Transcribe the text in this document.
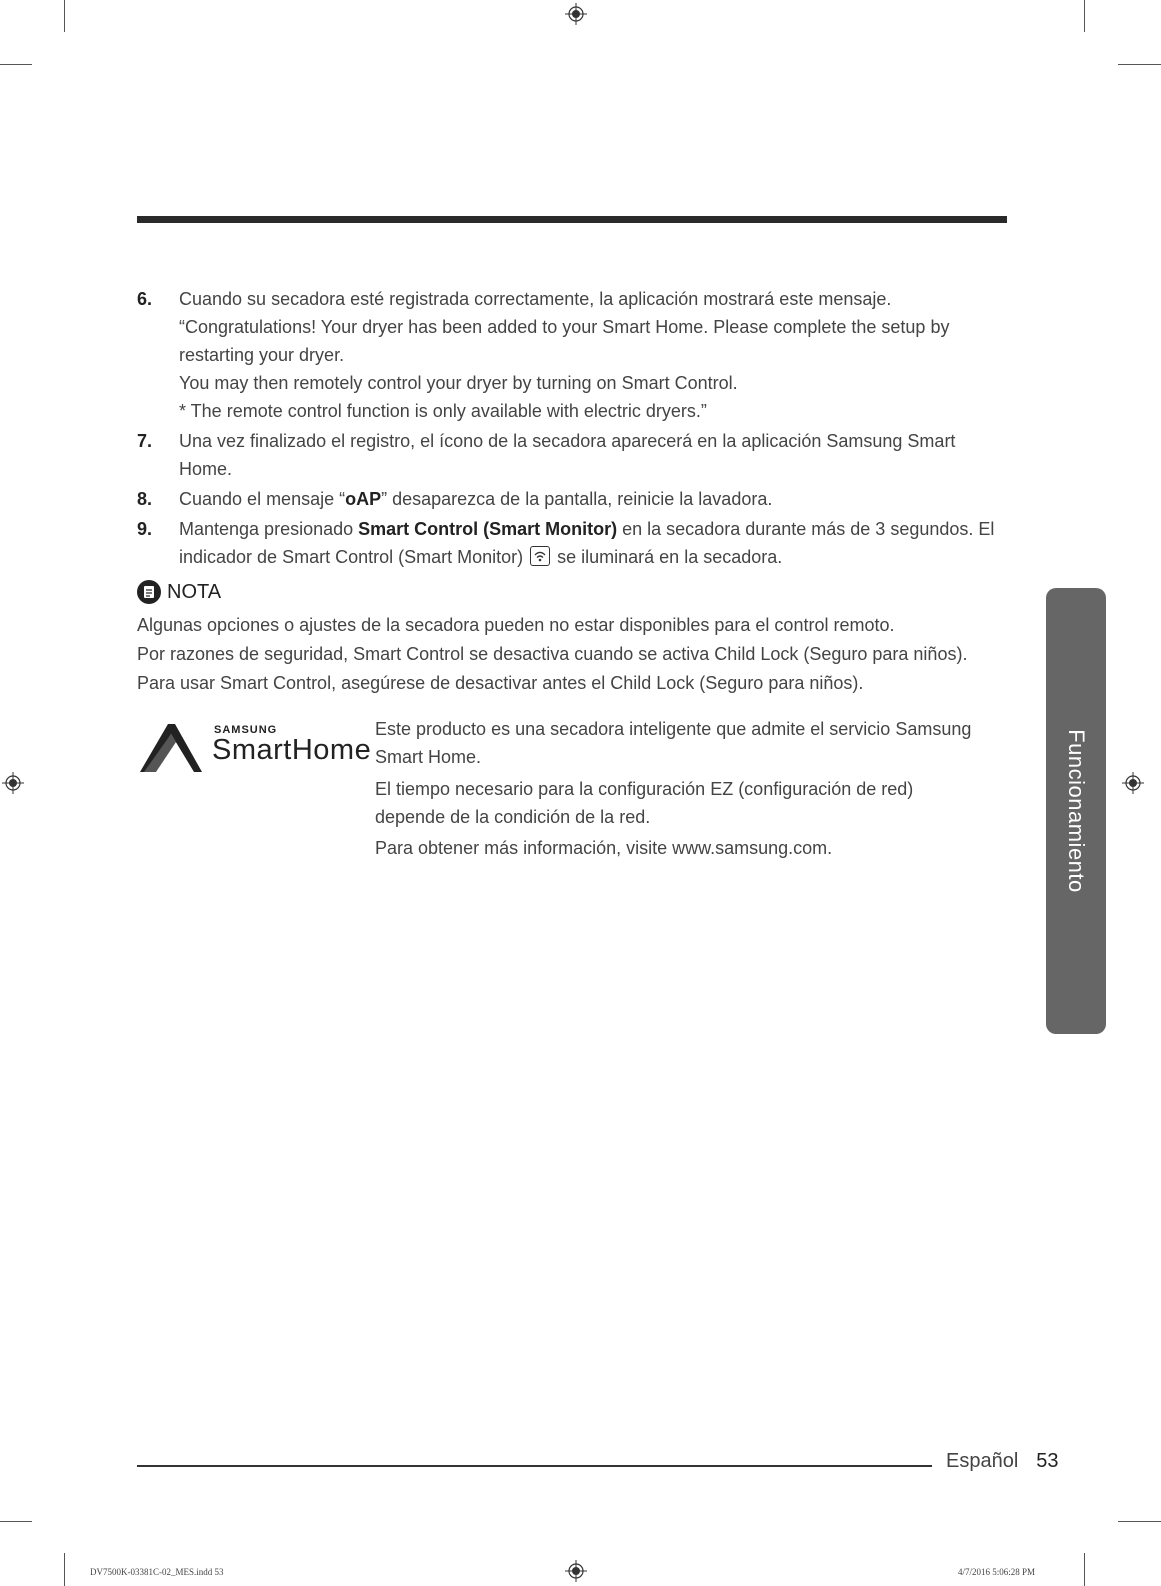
6. Cuando su secadora esté registrada correctamente, la aplicación mostrará este mensaje.
“Congratulations! Your dryer has been added to your Smart Home. Please complete the setup by
restarting your dryer.
You may then remotely control your dryer by turning on Smart Control.
* The remote control function is only available with electric dryers.”
7. Una vez finalizado el registro, el ícono de la secadora aparecerá en la aplicación Samsung Smart
Home.
8. Cuando el mensaje “oAP” desaparezca de la pantalla, reinicie la lavadora.
9. Mantenga presionado Smart Control (Smart Monitor) en la secadora durante más de 3 segundos. El
indicador de Smart Control (Smart Monitor)
se iluminará en la secadora.
NOTA
Algunas opciones o ajustes de la secadora pueden no estar disponibles para el control remoto.
Por razones de seguridad, Smart Control se desactiva cuando se activa Child Lock (Seguro para niños).
Para usar Smart Control, asegúrese de desactivar antes el Child Lock (Seguro para niños).
SAMSUNG
SmartHome
Este producto es una secadora inteligente que admite el servicio Samsung
Smart Home.
El tiempo necesario para la configuración EZ (configuración de red)
depende de la condición de la red.
Para obtener más información, visite www.samsung.com.	Funcionamiento
Español 53
DV7500K-03381C-02_MES.indd 53	4/7/2016 5:06:28 PM
